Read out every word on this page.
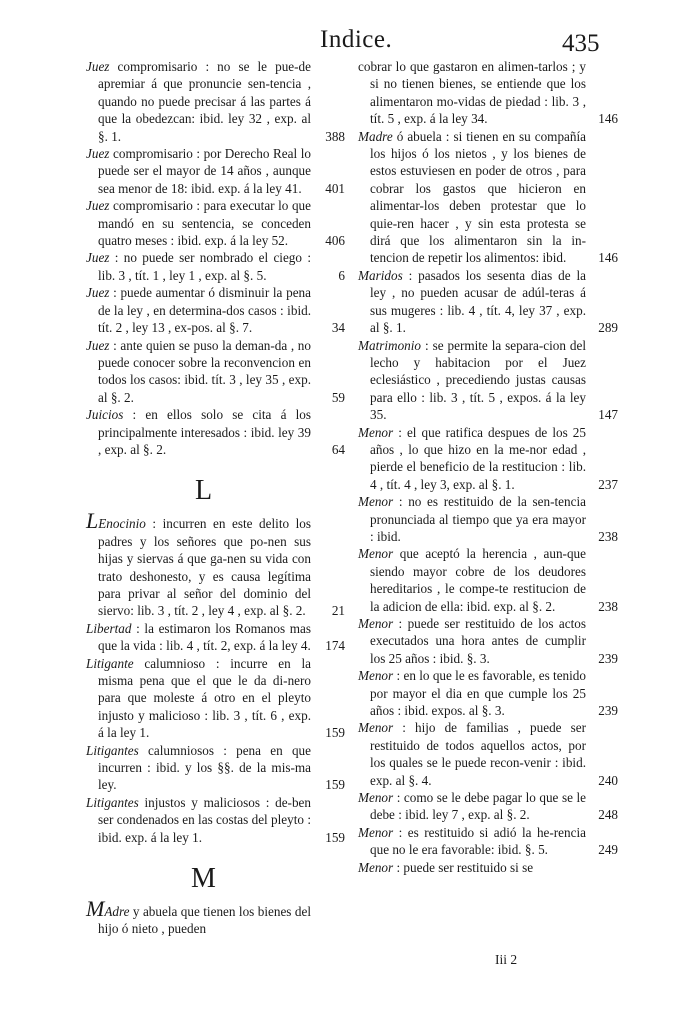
Indice.	435

Juez compromisario : no se le pue-de apremiar á que pronuncie sen-tencia , quando no puede precisar á las partes á que la obedezcan: ibid. ley 32 , exp. al §. 1.	388

Juez compromisario : por Derecho Real lo puede ser el mayor de 14 años , aunque sea menor de 18: ibid. exp. á la ley 41. 401

Juez compromisario : para executar lo que mandó en su sentencia, se conceden quatro meses : ibid. exp. á la ley 52.	406

Juez : no puede ser nombrado el ciego : lib. 3 , tít. 1 , ley 1 , exp. al §. 5.	6

Juez : puede aumentar ó disminuir la pena de la ley , en determina-dos casos : ibid. tít. 2 , ley 13 , ex-pos. al §. 7.	34

Juez : ante quien se puso la deman-da , no puede conocer sobre la reconvencion en todos los casos: ibid. tít. 3 , ley 35 , exp. al §. 2.	59

Juicios : en ellos solo se cita á los principalmente interesados : ibid. ley 39 , exp. al §. 2.	64

L

LEnocinio : incurren en este delito los padres y los señores que po-nen sus hijas y siervas á que ga-nen su vida con trato deshonesto, y es causa legítima para privar al señor del dominio del siervo: lib. 3 , tít. 2 , ley 4 , exp. al §. 2. 21

Libertad : la estimaron los Romanos mas que la vida : lib. 4 , tít. 2, exp. á la ley 4. 174

Litigante calumnioso : incurre en la misma pena que el que le da di-nero para que moleste á otro en el pleyto injusto y malicioso : lib. 3 , tít. 6 , exp. á la ley 1.	159

Litigantes calumniosos : pena en que incurren : ibid. y los §§. de la mis-ma ley.	159

Litigantes injustos y maliciosos : de-ben ser condenados en las costas del pleyto : ibid. exp. á la ley 1.	159

M

MAdre y abuela que tienen los bienes del hijo ó nieto , pueden

cobrar lo que gastaron en alimen-tarlos ; y si no tienen bienes, se entiende que los alimentaron mo-vidas de piedad : lib. 3 , tít. 5 , exp. á la ley 34.	146

Madre ó abuela : si tienen en su compañía los hijos ó los nietos , y los bienes de estos estuviesen en poder de otros , para cobrar los gastos que hicieron en alimentar-los deben protestar que lo quie-ren hacer , y sin esta protesta se dirá que los alimentaron sin la in-tencion de repetir los alimentos: ibid. 146

Maridos : pasados los sesenta dias de la ley , no pueden acusar de adúl-teras á sus mugeres : lib. 4 , tít. 4, ley 37 , exp. al §. 1.	289

Matrimonio : se permite la separa-cion del lecho y habitacion por el Juez eclesiástico , precediendo justas causas para ello : lib. 3 , tít. 5 , expos. á la ley 35.	147

Menor : el que ratifica despues de los 25 años , lo que hizo en la me-nor edad , pierde el beneficio de la restitucion : lib. 4 , tít. 4 , ley 3, exp. al §. 1.	237

Menor : no es restituido de la sen-tencia pronunciada al tiempo que ya era mayor : ibid.	238

Menor que aceptó la herencia , aun-que siendo mayor cobre de los deudores hereditarios , le compe-te restitucion de la adicion de ella: ibid. exp. al §. 2.	238

Menor : puede ser restituido de los actos executados una hora antes de cumplir los 25 años : ibid. §. 3.	239

Menor : en lo que le es favorable, es tenido por mayor el dia en que cumple los 25 años : ibid. expos. al §. 3.	239

Menor : hijo de familias , puede ser restituido de todos aquellos actos, por los quales se le puede recon-venir : ibid. exp. al §. 4.	240

Menor : como se le debe pagar lo que se le debe : ibid. ley 7 , exp. al §. 2.	248

Menor : es restituido si adió la he-rencia que no le era favorable: ibid. §. 5.	249

Menor : puede ser restituido si se

Iii 2
